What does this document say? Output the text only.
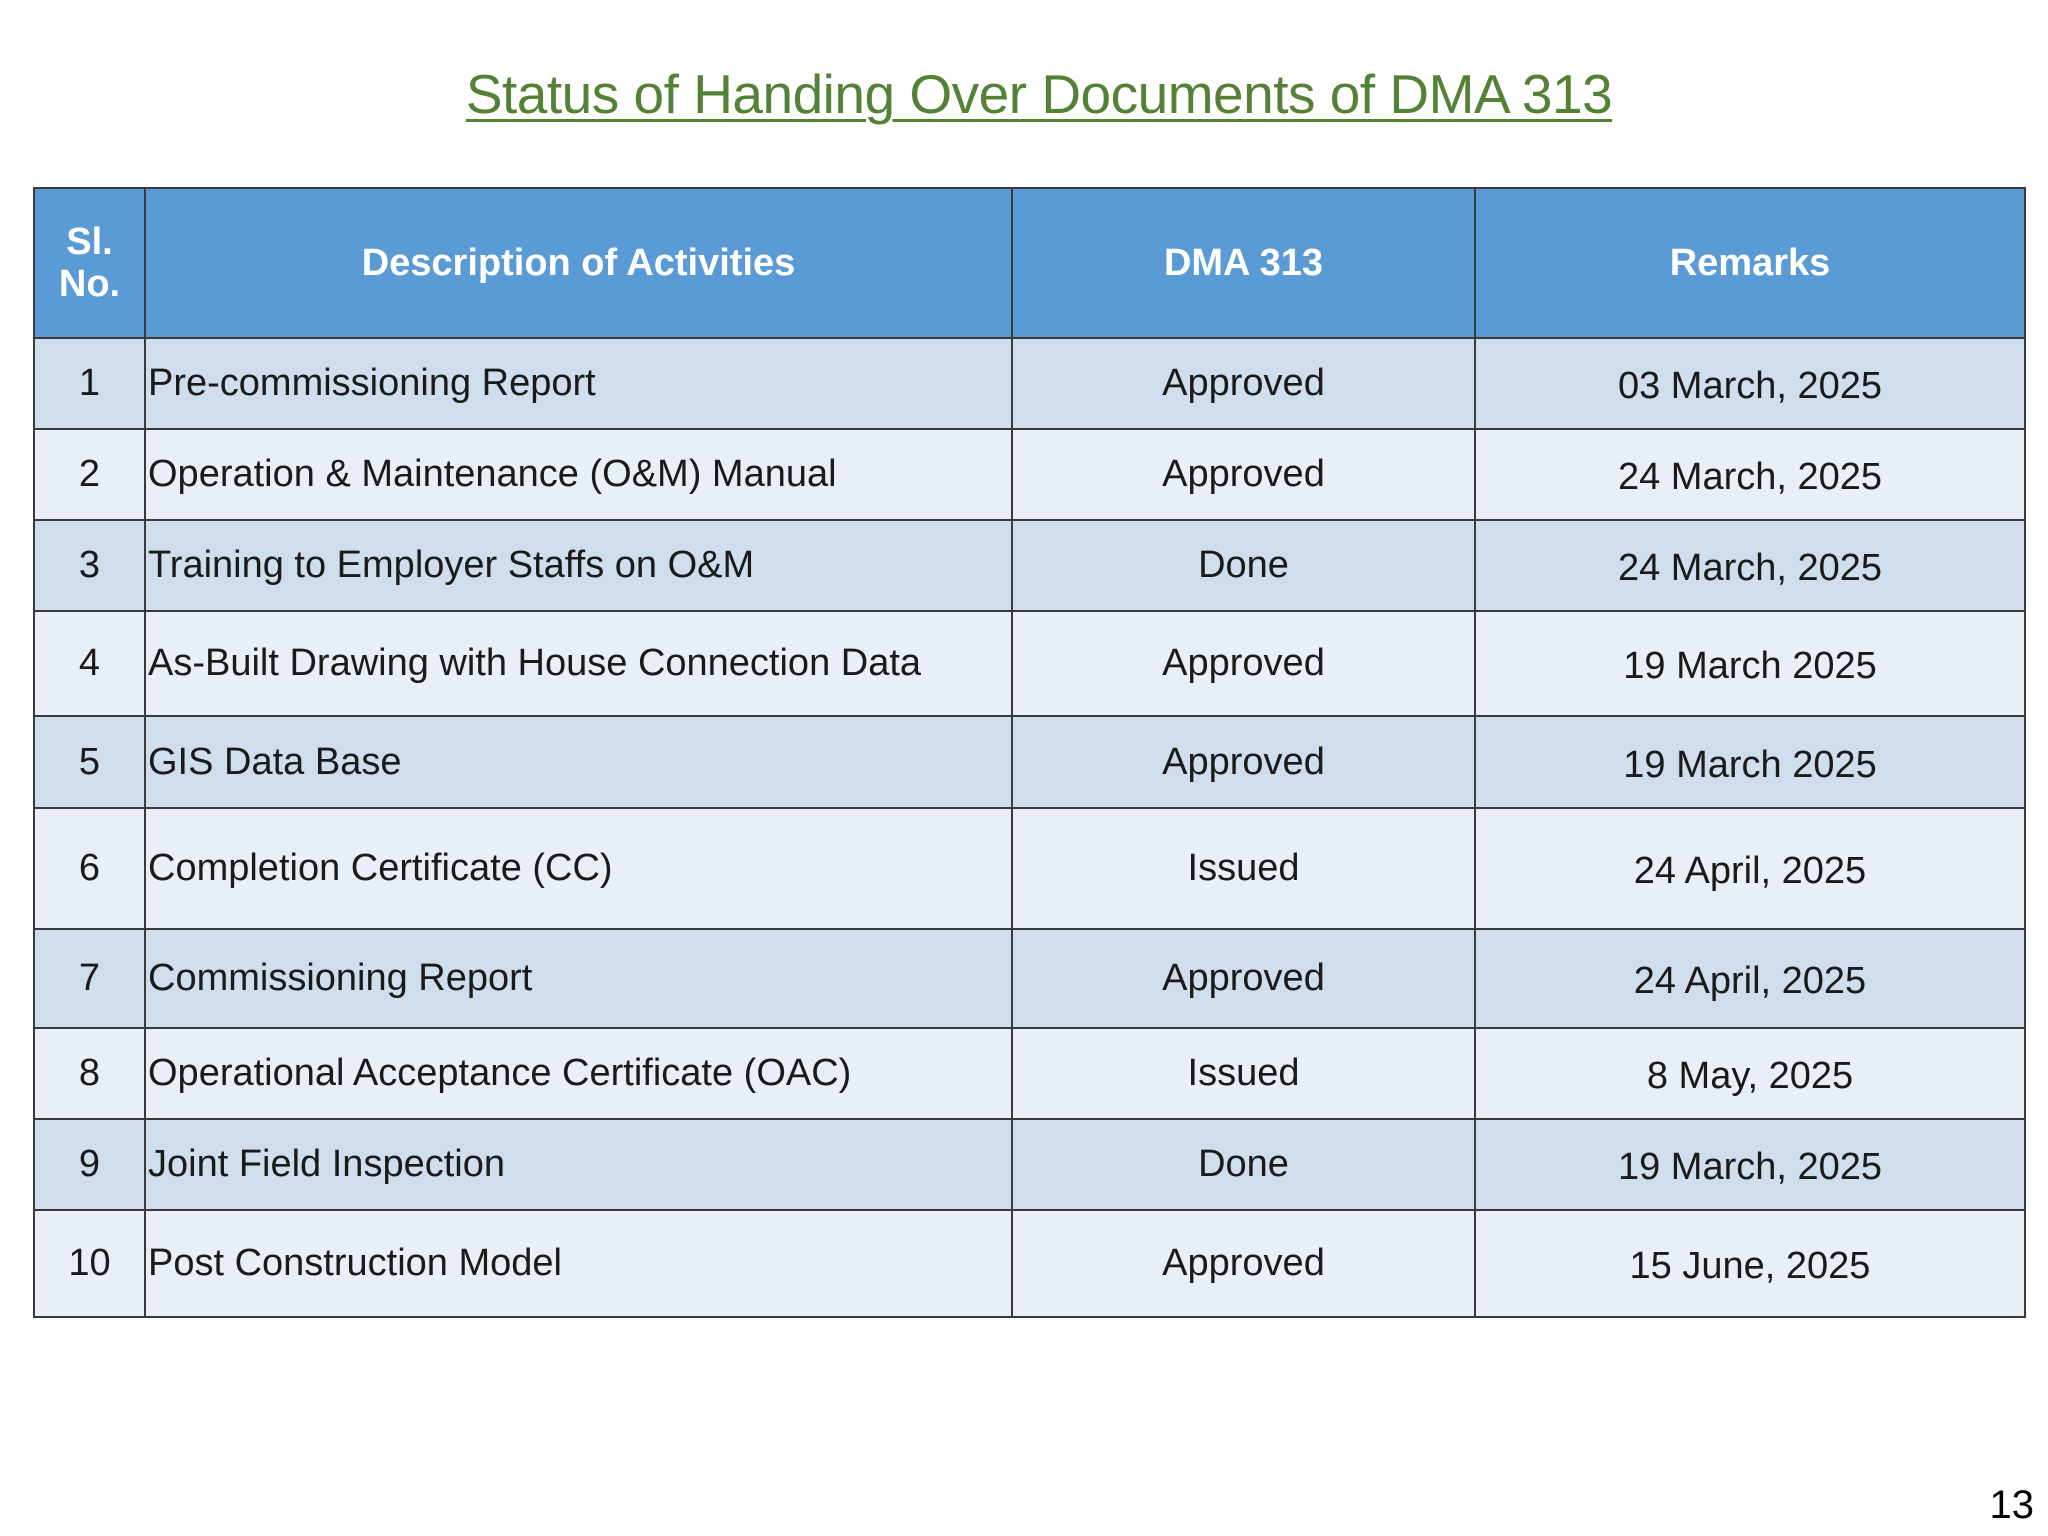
Status of Handing Over Documents of DMA 313
Sl. No.	Description of Activities	DMA 313	Remarks
1	Pre-commissioning Report	Approved	03 March, 2025
2	Operation & Maintenance (O&M) Manual	Approved	24 March, 2025
3	Training to Employer Staffs on O&M	Done	24 March, 2025
4	As-Built Drawing with House Connection Data	Approved	19 March 2025
5	GIS Data Base	Approved	19 March 2025
6	Completion Certificate (CC)	Issued	24 April, 2025
7	Commissioning Report	Approved	24 April, 2025
8	Operational Acceptance Certificate (OAC)	Issued	8 May, 2025
9	Joint Field Inspection	Done	19 March, 2025
10	Post Construction Model	Approved	15 June, 2025
13
